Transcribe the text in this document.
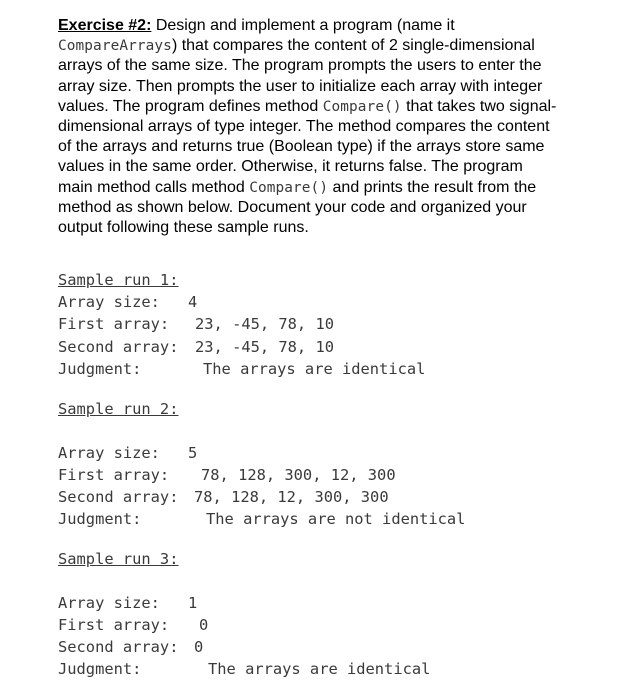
Exercise #2: Design and implement a program (name it CompareArrays) that compares the content of 2 single-dimensional arrays of the same size. The program prompts the users to enter the array size. Then prompts the user to initialize each array with integer values. The program defines method Compare() that takes two signal-dimensional arrays of type integer. The method compares the content of the arrays and returns true (Boolean type) if the arrays store same values in the same order. Otherwise, it returns false. The program main method calls method Compare() and prints the result from the method as shown below. Document your code and organized your output following these sample runs.
Sample run 1:
Array size: 4
First array: 23, -45, 78, 10
Second array: 23, -45, 78, 10
Judgment:	The arrays are identical
Sample run 2:
Array size: 5
First array: 78, 128, 300, 12, 300
Second array: 78, 128, 12, 300, 300
Judgment:	The arrays are not identical
Sample run 3:
Array size: 1
First array: 0
Second array: 0
Judgment:	The arrays are identical
